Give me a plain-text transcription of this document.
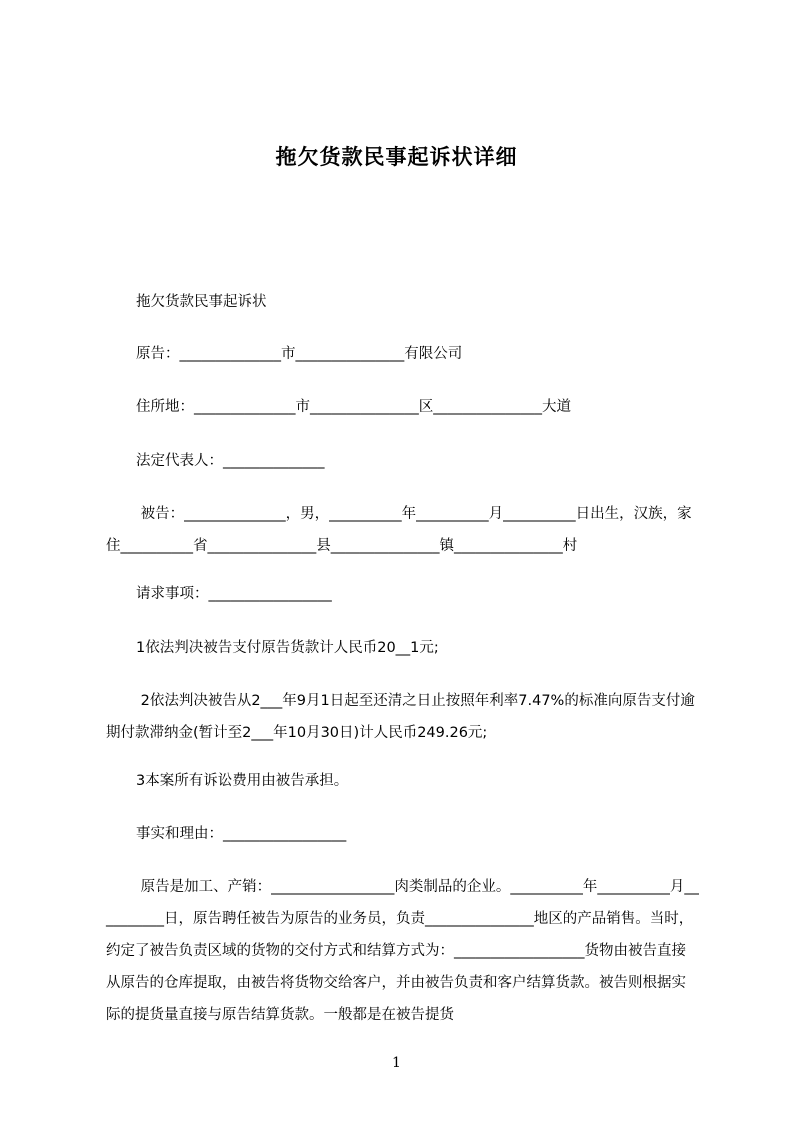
拖欠货款民事起诉状详细

拖欠货款民事起诉状

原告：______________市_______________有限公司

住所地：______________市_______________区_______________大道

法定代表人：______________

被告：______________，男，__________年__________月__________日出生，汉族，家住__________省_______________县_______________镇_______________村

请求事项：_________________

1依法判决被告支付原告货款计人民币20__1元;

2依法判决被告从2___年9月1日起至还清之日止按照年利率7.47%的标准向原告支付逾期付款滞纳金(暂计至2___年10月30日)计人民币249.26元;

3本案所有诉讼费用由被告承担。

事实和理由：_________________

原告是加工、产销：_________________肉类制品的企业。__________年__________月__________日，原告聘任被告为原告的业务员，负责_______________地区的产品销售。当时，约定了被告负责区域的货物的交付方式和结算方式为：__________________货物由被告直接从原告的仓库提取，由被告将货物交给客户，并由被告负责和客户结算货款。被告则根据实际的提货量直接与原告结算货款。一般都是在被告提货

1
